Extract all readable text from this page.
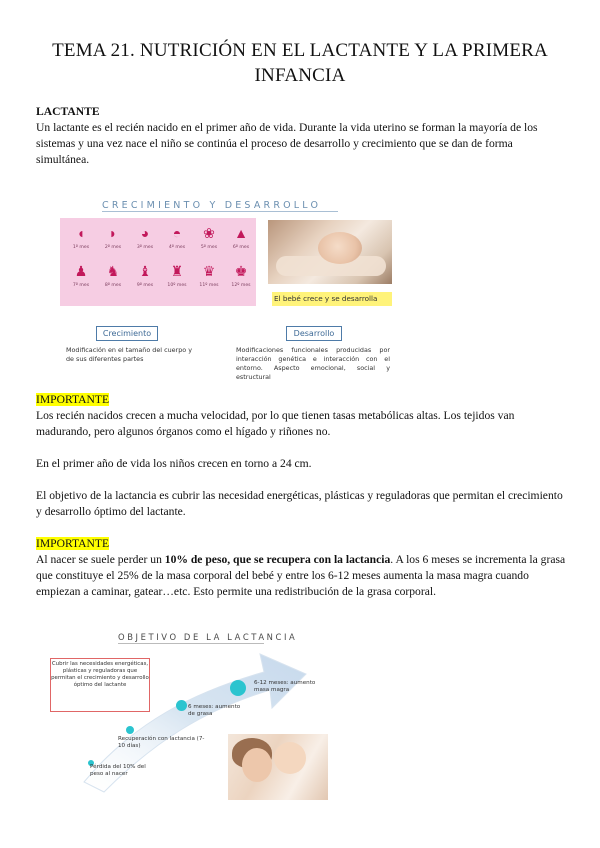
TEMA 21. NUTRICIÓN EN EL LACTANTE Y LA PRIMERA INFANCIA
LACTANTE
Un lactante es el recién nacido en el primer año de vida. Durante la vida uterino se forman la mayoría de los sistemas y una vez nace el niño se continúa el proceso de desarrollo y crecimiento que se dan de forma simultánea.
CRECIMIENTO Y DESARROLLO
◖
1º mes
◗
2º mes
◕
3º mes
◓
4º mes
❀
5º mes
▲
6º mes
♟
7º mes
♞
8º mes
♝
9º mes
♜
10º mes
♛
11º mes
♚
12º mes
El bebé crece y se desarrolla
Crecimiento
Modificación en el tamaño del cuerpo y de sus diferentes partes
Desarrollo
Modificaciones funcionales producidas por interacción genética e interacción con el entorno. Aspecto emocional, social y estructural
IMPORTANTE
Los recién nacidos crecen a mucha velocidad, por lo que tienen tasas metabólicas altas. Los tejidos van madurando, pero algunos órganos como el hígado y riñones no.
En el primer año de vida los niños crecen en torno a 24 cm.
El objetivo de la lactancia es cubrir las necesidad energéticas, plásticas y reguladoras que permitan el crecimiento y desarrollo óptimo del lactante.
IMPORTANTE
Al nacer se suele perder un 10% de peso, que se recupera con la lactancia. A los 6 meses se incrementa la grasa que constituye el 25% de la masa corporal del bebé y entre los 6-12 meses aumenta la masa magra cuando empiezan a caminar, gatear…etc. Esto permite una redistribución de la grasa corporal.
OBJETIVO DE LA LACTANCIA
Cubrir las necesidades energéticas, plásticas y reguladoras que permitan el crecimiento y desarrollo óptimo del lactante
Pérdida del 10% del peso al nacer
Recuperación con lactancia (7-10 días)
6 meses: aumento de grasa
6-12 meses: aumento masa magra
